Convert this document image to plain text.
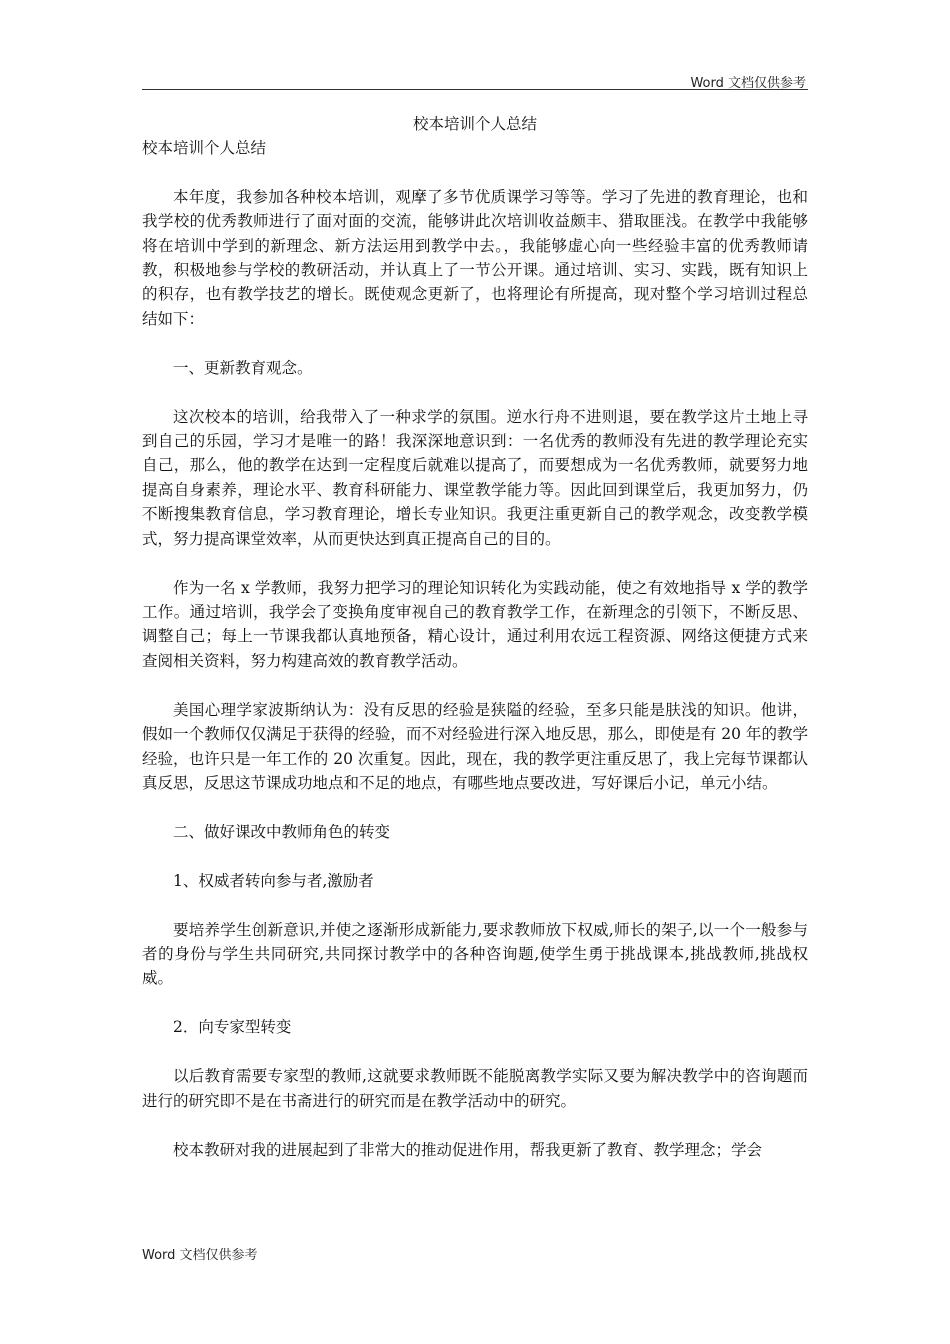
Word 文档仅供参考

校本培训个人总结

校本培训个人总结

本年度，我参加各种校本培训，观摩了多节优质课学习等等。学习了先进的教育理论，也和我学校的优秀教师进行了面对面的交流，能够讲此次培训收益颇丰、猎取匪浅。在教学中我能够将在培训中学到的新理念、新方法运用到教学中去。，我能够虚心向一些经验丰富的优秀教师请教，积极地参与学校的教研活动，并认真上了一节公开课。通过培训、实习、实践，既有知识上的积存，也有教学技艺的增长。既使观念更新了，也将理论有所提高，现对整个学习培训过程总结如下：

一、更新教育观念。

这次校本的培训，给我带入了一种求学的氛围。逆水行舟不进则退，要在教学这片土地上寻到自己的乐园，学习才是唯一的路！我深深地意识到：一名优秀的教师没有先进的教学理论充实自己，那么，他的教学在达到一定程度后就难以提高了，而要想成为一名优秀教师，就要努力地提高自身素养，理论水平、教育科研能力、课堂教学能力等。因此回到课堂后，我更加努力，仍不断搜集教育信息，学习教育理论，增长专业知识。我更注重更新自己的教学观念，改变教学模式，努力提高课堂效率，从而更快达到真正提高自己的目的。

作为一名 x 学教师，我努力把学习的理论知识转化为实践动能，使之有效地指导 x 学的教学工作。通过培训，我学会了变换角度审视自己的教育教学工作，在新理念的引领下，不断反思、调整自己；每上一节课我都认真地预备，精心设计，通过利用农远工程资源、网络这便捷方式来查阅相关资料，努力构建高效的教育教学活动。

美国心理学家波斯纳认为：没有反思的经验是狭隘的经验，至多只能是肤浅的知识。他讲，假如一个教师仅仅满足于获得的经验，而不对经验进行深入地反思，那么，即使是有 20 年的教学经验，也许只是一年工作的 20 次重复。因此，现在，我的教学更注重反思了，我上完每节课都认真反思，反思这节课成功地点和不足的地点，有哪些地点要改进，写好课后小记，单元小结。

二、做好课改中教师角色的转变

1、权威者转向参与者,激励者

要培养学生创新意识,并使之逐渐形成新能力,要求教师放下权威,师长的架子,以一个一般参与者的身份与学生共同研究,共同探讨教学中的各种咨询题,使学生勇于挑战课本,挑战教师,挑战权威。

2．向专家型转变

以后教育需要专家型的教师,这就要求教师既不能脱离教学实际又要为解决教学中的咨询题而进行的研究即不是在书斋进行的研究而是在教学活动中的研究。

校本教研对我的进展起到了非常大的推动促进作用，帮我更新了教育、教学理念；学会

Word 文档仅供参考
